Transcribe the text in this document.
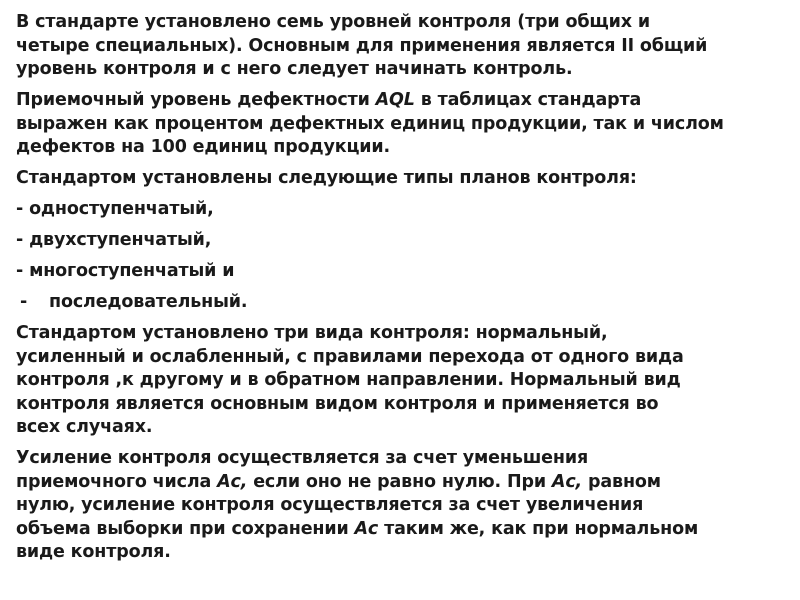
В стандарте установлено семь уровней контроля (три общих и
четыре специальных). Основным для применения является II общий
уровень контроля и с него следует начинать контроль.
Приемочный уровень дефектности AQL в таблицах стандарта
выражен как процентом дефектных единиц продукции, так и числом
дефектов на 100 единиц продукции.
Стандартом установлены следующие типы планов контроля:
- одноступенчатый,
- двухступенчатый,
- многоступенчатый и
- последовательный.
Стандартом установлено три вида контроля: нормальный,
усиленный и ослабленный, с правилами перехода от одного вида
контроля ,к другому и в обратном направлении. Нормальный вид
контроля является основным видом контроля и применяется во
всех случаях.
Усиление контроля осуществляется за счет уменьшения
приемочного числа Ас, если оно не равно нулю. При Ас, равном
нулю, усиление контроля осуществляется за счет увеличения
объема выборки при сохранении Ас таким же, как при нормальном
виде контроля.
